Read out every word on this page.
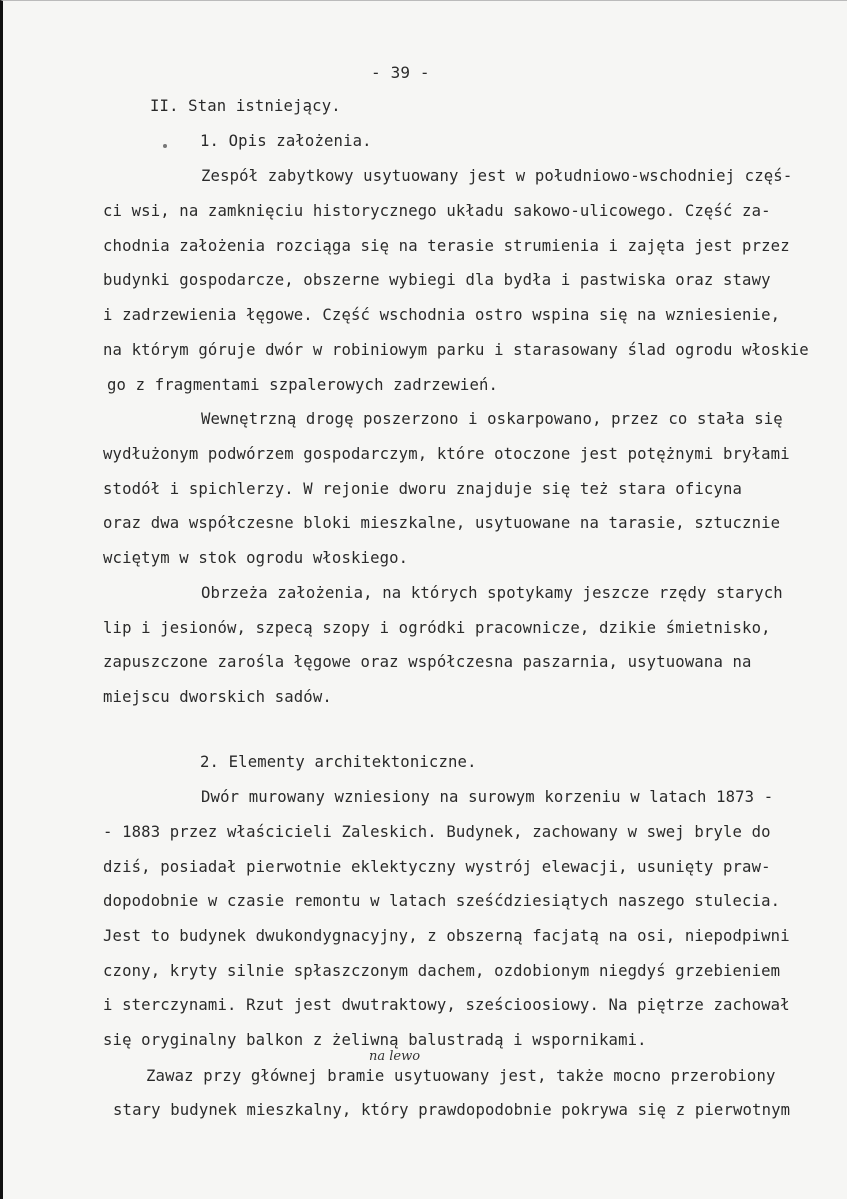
- 39 -
II. Stan istniejący.
1. Opis założenia.
Zespół zabytkowy usytuowany jest w południowo-wschodniej częś-
ci wsi, na zamknięciu historycznego układu sakowo-ulicowego. Część za-
chodnia założenia rozciąga się na terasie strumienia i zajęta jest przez
budynki gospodarcze, obszerne wybiegi dla bydła i pastwiska oraz stawy
i zadrzewienia łęgowe. Część wschodnia ostro wspina się na wzniesienie,
na którym góruje dwór w robiniowym parku i starasowany ślad ogrodu włoskie
go z fragmentami szpalerowych zadrzewień.
Wewnętrzną drogę poszerzono i oskarpowano, przez co stała się
wydłużonym podwórzem gospodarczym, które otoczone jest potężnymi bryłami
stodół i spichlerzy. W rejonie dworu znajduje się też stara oficyna
oraz dwa współczesne bloki mieszkalne, usytuowane na tarasie, sztucznie
wciętym w stok ogrodu włoskiego.
Obrzeża założenia, na których spotykamy jeszcze rzędy starych
lip i jesionów, szpecą szopy i ogródki pracownicze, dzikie śmietnisko,
zapuszczone zarośla łęgowe oraz współczesna paszarnia, usytuowana na
miejscu dworskich sadów.
2. Elementy architektoniczne.
Dwór murowany wzniesiony na surowym korzeniu w latach 1873 -
- 1883 przez właścicieli Zaleskich. Budynek, zachowany w swej bryle do
dziś, posiadał pierwotnie eklektyczny wystrój elewacji, usunięty praw-
dopodobnie w czasie remontu w latach sześćdziesiątych naszego stulecia.
Jest to budynek dwukondygnacyjny, z obszerną facjatą na osi, niepodpiwni
czony, kryty silnie spłaszczonym dachem, ozdobionym niegdyś grzebieniem
i sterczynami. Rzut jest dwutraktowy, sześcioosiowy. Na piętrze zachował
się oryginalny balkon z żeliwną balustradą i wspornikami.
na lewo
Zawaz przy głównej bramie usytuowany jest, także mocno przerobiony
stary budynek mieszkalny, który prawdopodobnie pokrywa się z pierwotnym
